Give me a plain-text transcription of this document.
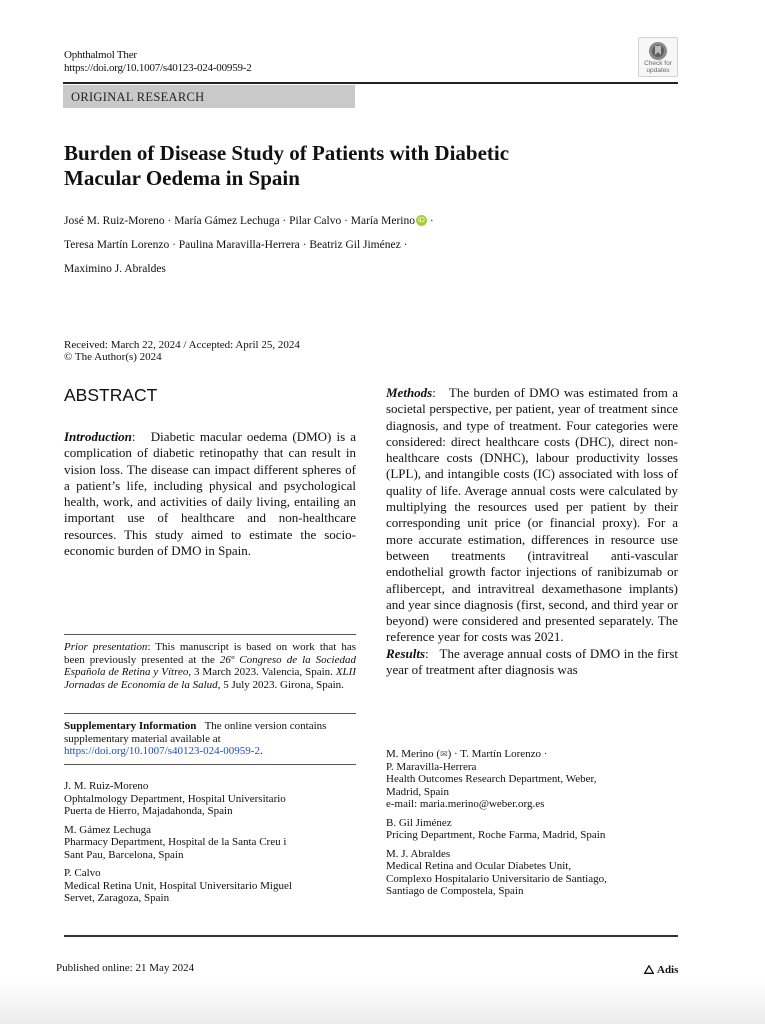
Ophthalmol Ther
https://doi.org/10.1007/s40123-024-00959-2	Check for
updates
ORIGINAL RESEARCH
Burden of Disease Study of Patients with Diabetic
Macular Oedema in Spain
José M. Ruiz-Moreno · María Gámez Lechuga · Pilar Calvo · María Merino iD ·
Teresa Martín Lorenzo · Paulina Maravilla-Herrera · Beatriz Gil Jiménez ·
Maximino J. Abraldes
Received: March 22, 2024 / Accepted: April 25, 2024
© The Author(s) 2024
ABSTRACT

Introduction:   Diabetic macular oedema (DMO) is a complication of diabetic retinopathy that can result in vision loss. The disease can impact different spheres of a patient’s life, including physical and psychological health, work, and activities of daily living, entailing an important use of healthcare and non-healthcare resources. This study aimed to estimate the socio-economic burden of DMO in Spain.

Methods:   The burden of DMO was estimated from a societal perspective, per patient, year of treatment since diagnosis, and type of treatment. Four categories were considered: direct healthcare costs (DHC), direct non-healthcare costs (DNHC), labour productivity losses (LPL), and intangible costs (IC) associated with loss of quality of life. Average annual costs were calculated by multiplying the resources used per patient by their corresponding unit price (or financial proxy). For a more accurate estimation, differences in resource use between treatments (intravitreal anti-vascular endothelial growth factor injections of ranibizumab or aflibercept, and intravitreal dexamethasone implants) and year since diagnosis (first, second, and third year or beyond) were considered and presented separately. The reference year for costs was 2021.

Results:   The average annual costs of DMO in the first year of treatment after diagnosis was

Prior presentation: This manuscript is based on work that has been previously presented at the 26º Congreso de la Sociedad Española de Retina y Vítreo, 3 March 2023. Valencia, Spain. XLII Jornadas de Economía de la Salud, 5 July 2023. Girona, Spain.
Supplementary Information The online version contains supplementary material available at
https://doi.org/10.1007/s40123-024-00959-2.
J. M. Ruiz-Moreno
Ophtalmology Department, Hospital Universitario
Puerta de Hierro, Majadahonda, Spain
M. Gámez Lechuga
Pharmacy Department, Hospital de la Santa Creu i
Sant Pau, Barcelona, Spain
P. Calvo
Medical Retina Unit, Hospital Universitario Miguel
Servet, Zaragoza, Spain
M. Merino (✉) · T. Martín Lorenzo ·
P. Maravilla-Herrera
Health Outcomes Research Department, Weber,
Madrid, Spain
e-mail: maria.merino@weber.org.es
B. Gil Jiménez
Pricing Department, Roche Farma, Madrid, Spain
M. J. Abraldes
Medical Retina and Ocular Diabetes Unit,
Complexo Hospitalario Universitario de Santiago,
Santiago de Compostela, Spain
Published online: 21 May 2024	Adis
